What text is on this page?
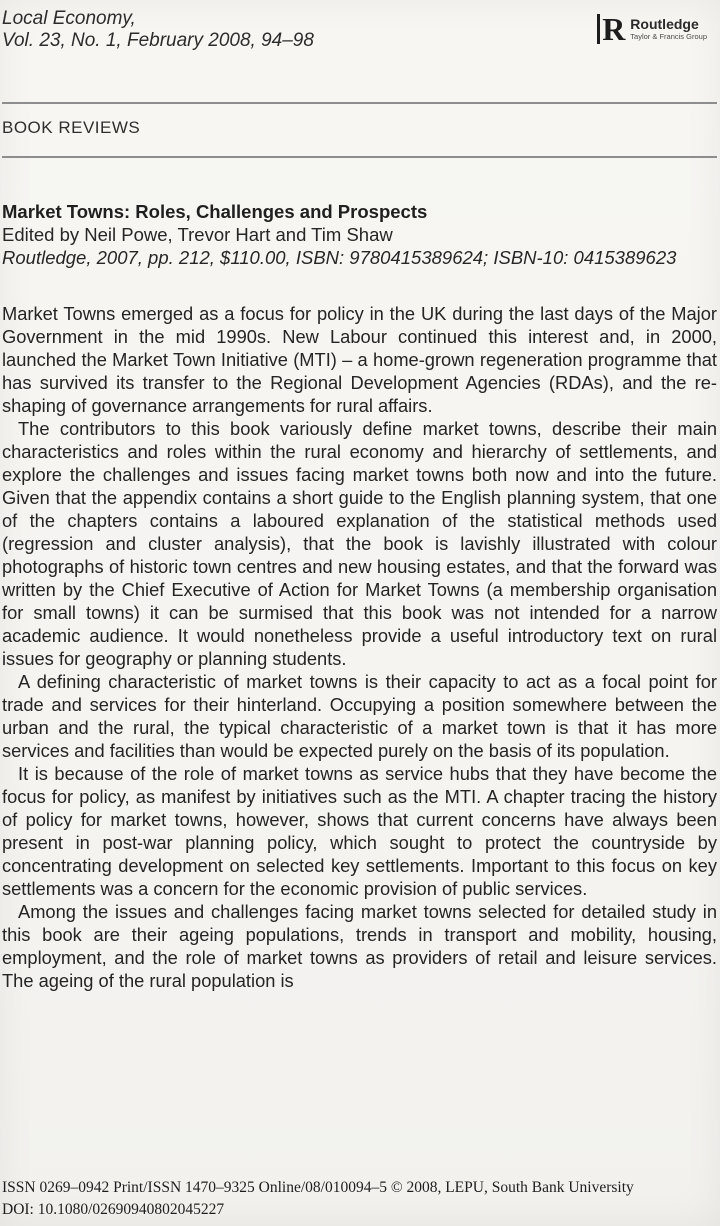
Local Economy,
Vol. 23, No. 1, February 2008, 94–98	R Routledge
Taylor & Francis Group
BOOK REVIEWS
Market Towns: Roles, Challenges and Prospects
Edited by Neil Powe, Trevor Hart and Tim Shaw
Routledge, 2007, pp. 212, $110.00, ISBN: 9780415389624; ISBN-10: 0415389623

Market Towns emerged as a focus for policy in the UK during the last days of the Major Government in the mid 1990s. New Labour continued this interest and, in 2000, launched the Market Town Initiative (MTI) – a home-grown regeneration programme that has survived its transfer to the Regional Development Agencies (RDAs), and the re-shaping of governance arrangements for rural affairs.

The contributors to this book variously define market towns, describe their main characteristics and roles within the rural economy and hierarchy of settlements, and explore the challenges and issues facing market towns both now and into the future. Given that the appendix contains a short guide to the English planning system, that one of the chapters contains a laboured explanation of the statistical methods used (regression and cluster analysis), that the book is lavishly illustrated with colour photographs of historic town centres and new housing estates, and that the forward was written by the Chief Executive of Action for Market Towns (a membership organisation for small towns) it can be surmised that this book was not intended for a narrow academic audience. It would nonetheless provide a useful introductory text on rural issues for geography or planning students.

A defining characteristic of market towns is their capacity to act as a focal point for trade and services for their hinterland. Occupying a position somewhere between the urban and the rural, the typical characteristic of a market town is that it has more services and facilities than would be expected purely on the basis of its population.

It is because of the role of market towns as service hubs that they have become the focus for policy, as manifest by initiatives such as the MTI. A chapter tracing the history of policy for market towns, however, shows that current concerns have always been present in post-war planning policy, which sought to protect the countryside by concentrating development on selected key settlements. Important to this focus on key settlements was a concern for the economic provision of public services.

Among the issues and challenges facing market towns selected for detailed study in this book are their ageing populations, trends in transport and mobility, housing, employment, and the role of market towns as providers of retail and leisure services. The ageing of the rural population is

ISSN 0269–0942 Print/ISSN 1470–9325 Online/08/010094–5 © 2008, LEPU, South Bank University
DOI: 10.1080/02690940802045227
